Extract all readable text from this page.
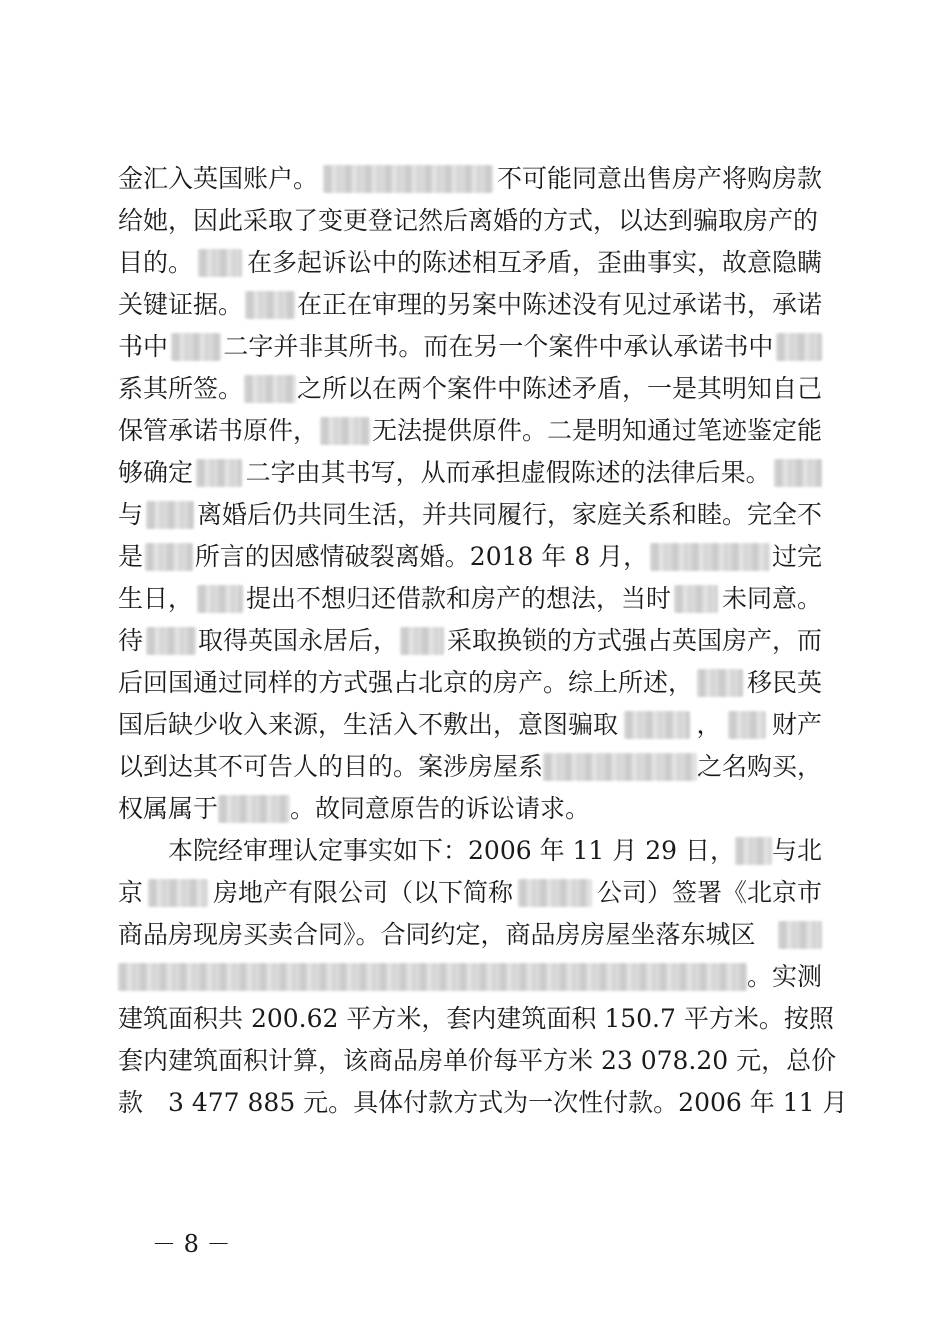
金汇入英国账户。	不可能同意出售房产将购房款
给她，因此采取了变更登记然后离婚的方式，以达到骗取房产的
目的。 在多起诉讼中的陈述相互矛盾，歪曲事实，故意隐瞒
关键证据。 在正在审理的另案中陈述没有见过承诺书，承诺
书中 二字并非其所书。而在另一个案件中承认承诺书中
系其所签。 之所以在两个案件中陈述矛盾，一是其明知自己
保管承诺书原件， 无法提供原件。二是明知通过笔迹鉴定能
够确定 二字由其书写，从而承担虚假陈述的法律后果。
与 离婚后仍共同生活，并共同履行，家庭关系和睦。完全不
是 所言的因感情破裂离婚。2018 年 8 月，	过完
生日， 提出不想归还借款和房产的想法，当时 未同意。
待 取得英国永居后， 采取换锁的方式强占英国房产，而
后回国通过同样的方式强占北京的房产。综上所述， 移民英
国后缺少收入来源，生活入不敷出，意图骗取	， 财产
以到达其不可告人的目的。案涉房屋系	之名购买，
权属属于	。故同意原告的诉讼请求。
本院经审理认定事实如下：2006 年 11 月 29 日， 与北
京	房地产有限公司（以下简称	公司）签署《北京市
商品房现房买卖合同》。合同约定，商品房房屋坐落东城区
。实测
建筑面积共 200.62 平方米，套内建筑面积 150.7 平方米。按照
套内建筑面积计算，该商品房单价每平方米 23 078.20 元，总价
款　3 477 885 元。具体付款方式为一次性付款。2006 年 11 月
－ 8 －
